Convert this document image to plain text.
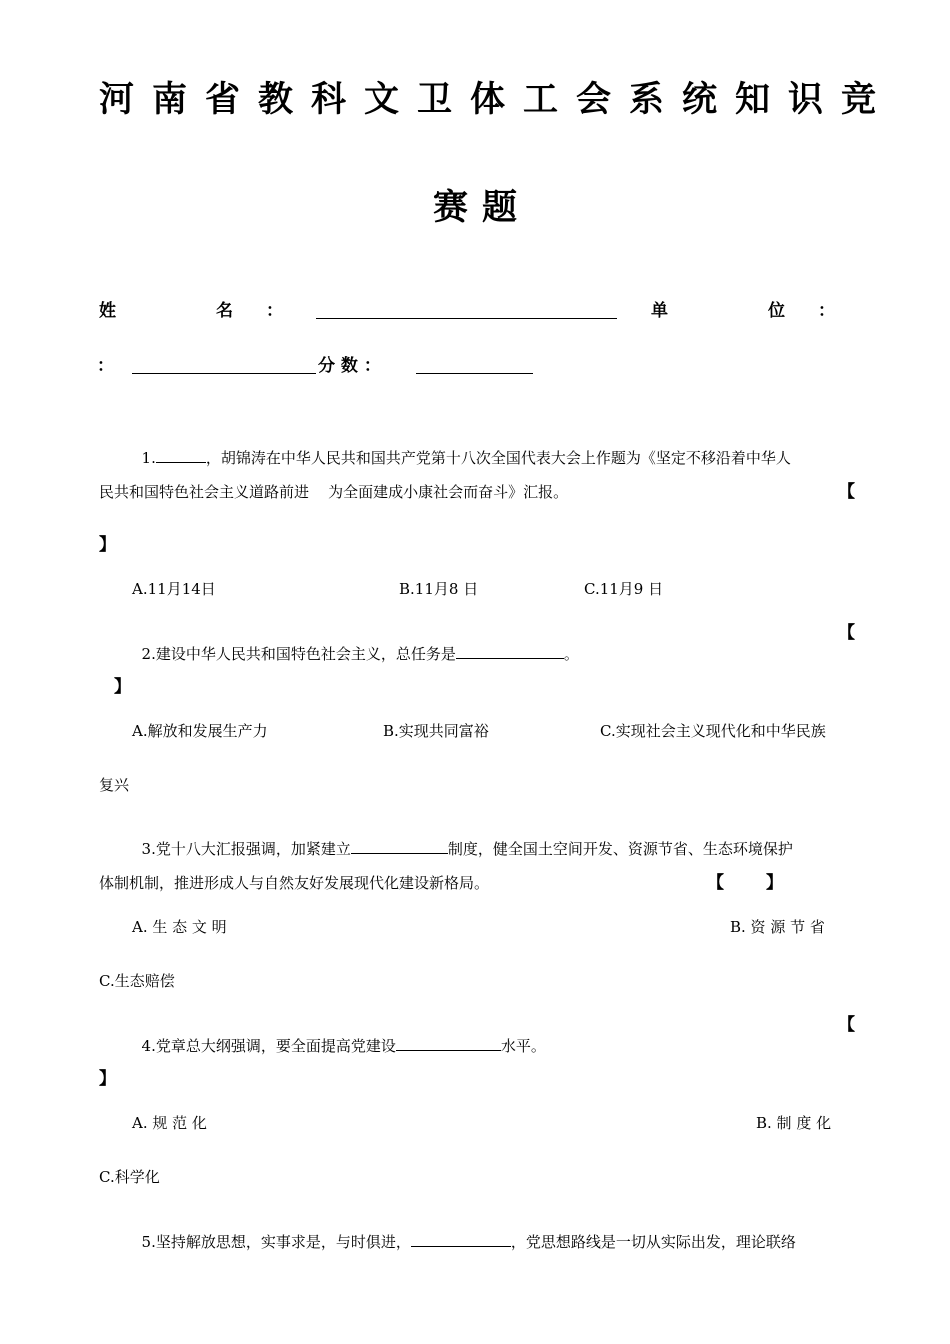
河南省教科文卫体工会系统知识竞
赛题
姓	名 ：	单	位 ：
：	分 数 ：

1.	，胡锦涛在中华人民共和国共产党第十八次全国代表大会上作题为《坚定不移沿着中华人

民共和国特色社会主义道路前进    为全面建成小康社会而奋斗》汇报。	【
】
A.11月14日	B.11月8 日	C.11月9 日

2.建设中华人民共和国特色社会主义，总任务是	。

【
】
A.解放和发展生产力	B.实现共同富裕	C.实现社会主义现代化和中华民族
复兴

3.党十八大汇报强调，加紧建立	制度，健全国土空间开发、资源节省、生态环境保护

体制机制，推进形成人与自然友好发展现代化建设新格局。	【 】
A. 生 态 文 明	B. 资 源 节 省
C.生态赔偿

4.党章总大纲强调，要全面提高党建设	水平。

【
】
A. 规 范 化	B. 制 度 化
C.科学化

5.坚持解放思想，实事求是，与时俱进，	，党思想路线是一切从实际出发，理论联络
